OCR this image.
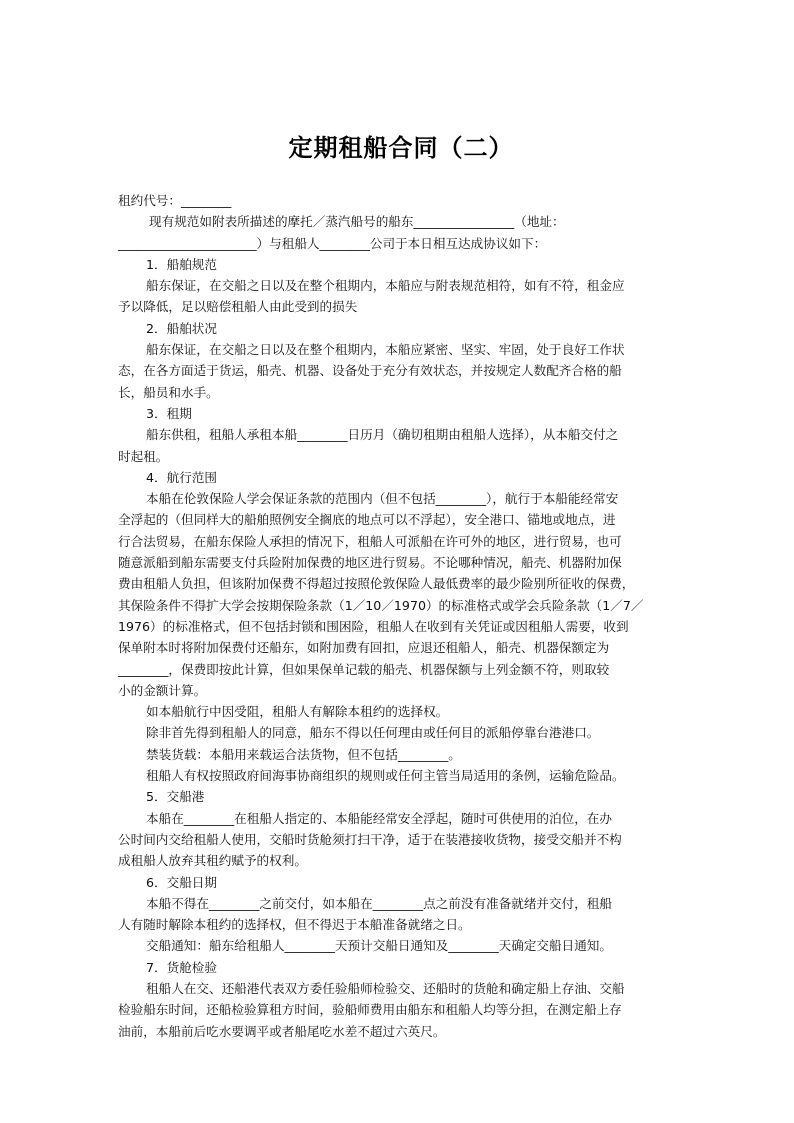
定期租船合同（二）
租约代号：________
现有规范如附表所描述的摩托／蒸汽船号的船东________________（地址：
______________________）与租船人________公司于本日相互达成协议如下：
1．船舶规范
船东保证，在交船之日以及在整个租期内，本船应与附表规范相符，如有不符，租金应
予以降低，足以赔偿租船人由此受到的损失
2．船舶状况
船东保证，在交船之日以及在整个租期内，本船应紧密、坚实、牢固，处于良好工作状
态，在各方面适于货运，船壳、机器、设备处于充分有效状态，并按规定人数配齐合格的船
长，船员和水手。
3．租期
船东供租，租船人承租本船________日历月（确切租期由租船人选择），从本船交付之
时起租。
4．航行范围
本船在伦敦保险人学会保证条款的范围内（但不包括________），航行于本船能经常安
全浮起的（但同样大的船舶照例安全搁底的地点可以不浮起），安全港口、锚地或地点，进
行合法贸易，在船东保险人承担的情况下，租船人可派船在许可外的地区，进行贸易，也可
随意派船到船东需要支付兵险附加保费的地区进行贸易。不论哪种情况，船壳、机器附加保
费由租船人负担，但该附加保费不得超过按照伦敦保险人最低费率的最少险别所征收的保费，
其保险条件不得扩大学会按期保险条款（1／10／1970）的标准格式或学会兵险条款（1／7／
1976）的标准格式，但不包括封锁和围困险，租船人在收到有关凭证或因租船人需要，收到
保单附本时将附加保费付还船东，如附加费有回扣，应退还租船人，船壳、机器保额定为
________，保费即按此计算，但如果保单记载的船壳、机器保额与上列金额不符，则取较
小的金额计算。
如本船航行中因受阻，租船人有解除本租约的选择权。
除非首先得到租船人的同意，船东不得以任何理由或任何目的派船停靠台港港口。
禁装货载：本船用来载运合法货物，但不包括________。
租船人有权按照政府间海事协商组织的规则或任何主管当局适用的条例，运输危险品。
5．交船港
本船在________在租船人指定的、本船能经常安全浮起，随时可供使用的泊位，在办
公时间内交给租船人使用，交船时货舱须打扫干净，适于在装港接收货物，接受交船并不构
成租船人放弃其租约赋予的权利。
6．交船日期
本船不得在________之前交付，如本船在________点之前没有准备就绪并交付，租船
人有随时解除本租约的选择权，但不得迟于本船准备就绪之日。
交船通知：船东给租船人________天预计交船日通知及________天确定交船日通知。
7．货舱检验
租船人在交、还船港代表双方委任验船师检验交、还船时的货舱和确定船上存油、交船
检验船东时间，还船检验算租方时间，验船师费用由船东和租船人均等分担，在测定船上存
油前，本船前后吃水要调平或者船尾吃水差不超过六英尺。
